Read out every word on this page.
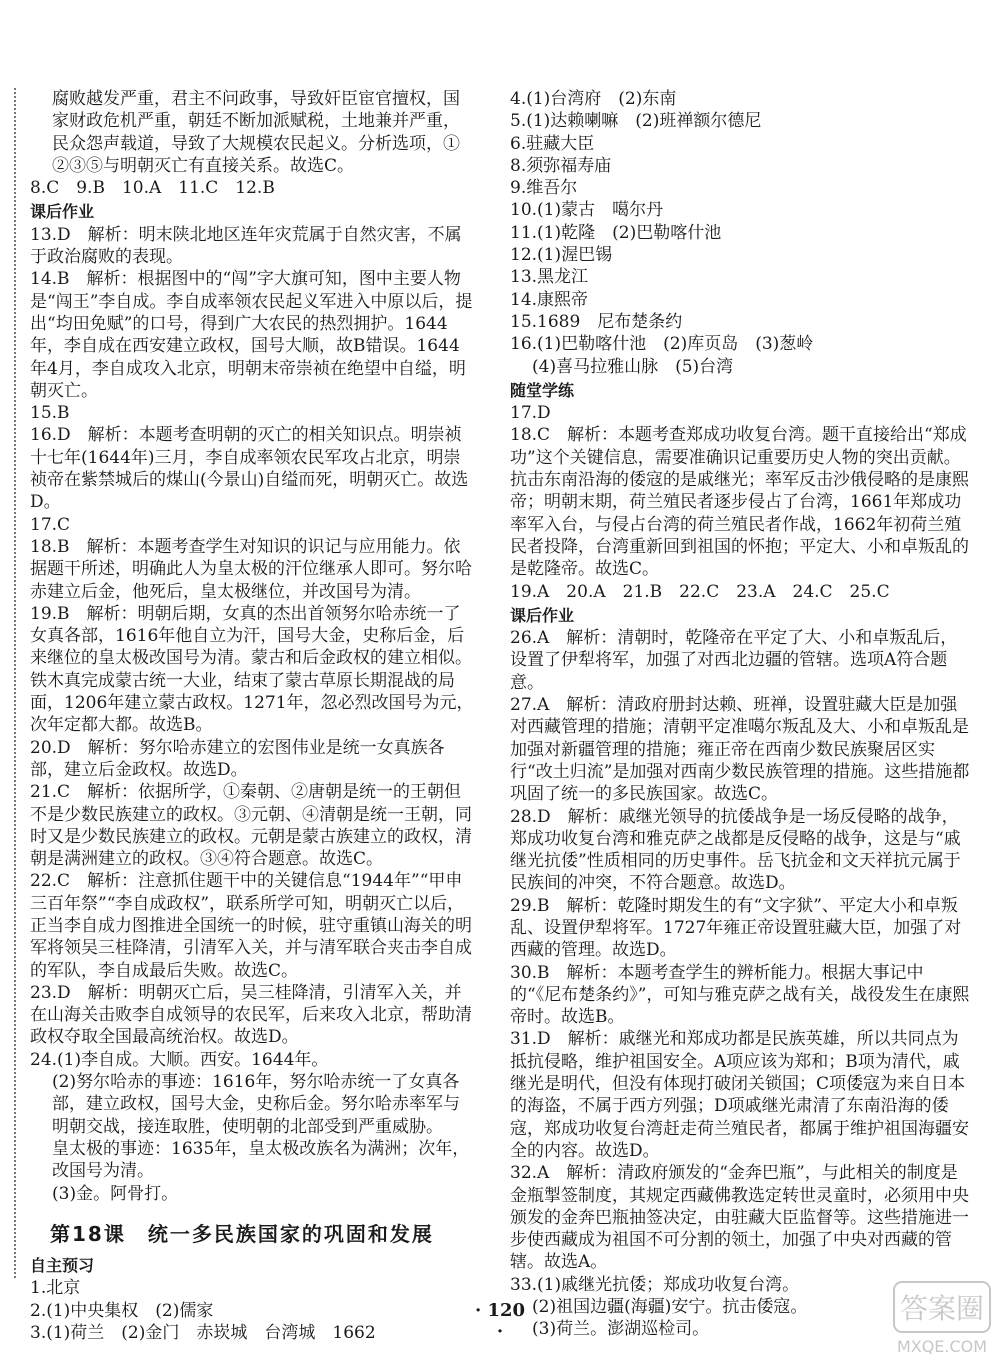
腐败越发严重，君主不问政事，导致奸臣宦官擅权，国家财政危机严重，朝廷不断加派赋税，土地兼并严重，民众怨声载道，导致了大规模农民起义。分析选项，①②③⑤与明朝灭亡有直接关系。故选C。
8.C　9.B　10.A　11.C　12.B
课后作业
13.D　解析：明末陕北地区连年灾荒属于自然灾害，不属于政治腐败的表现。
14.B　解析：根据图中的“闯”字大旗可知，图中主要人物是“闯王”李自成。李自成率领农民起义军进入中原以后，提出“均田免赋”的口号，得到广大农民的热烈拥护。1644年，李自成在西安建立政权，国号大顺，故B错误。1644年4月，李自成攻入北京，明朝末帝崇祯在绝望中自缢，明朝灭亡。
15.B
16.D　解析：本题考查明朝的灭亡的相关知识点。明崇祯十七年(1644年)三月，李自成率领农民军攻占北京，明崇祯帝在紫禁城后的煤山(今景山)自缢而死，明朝灭亡。故选D。
17.C
18.B　解析：本题考查学生对知识的识记与应用能力。依据题干所述，明确此人为皇太极的汗位继承人即可。努尔哈赤建立后金，他死后，皇太极继位，并改国号为清。
19.B　解析：明朝后期，女真的杰出首领努尔哈赤统一了女真各部，1616年他自立为汗，国号大金，史称后金，后来继位的皇太极改国号为清。蒙古和后金政权的建立相似。铁木真完成蒙古统一大业，结束了蒙古草原长期混战的局面，1206年建立蒙古政权。1271年，忽必烈改国号为元，次年定都大都。故选B。
20.D　解析：努尔哈赤建立的宏图伟业是统一女真族各部，建立后金政权。故选D。
21.C　解析：依据所学，①秦朝、②唐朝是统一的王朝但不是少数民族建立的政权。③元朝、④清朝是统一王朝，同时又是少数民族建立的政权。元朝是蒙古族建立的政权，清朝是满洲建立的政权。③④符合题意。故选C。
22.C　解析：注意抓住题干中的关键信息“1944年”“甲申三百年祭”“李自成政权”，联系所学可知，明朝灭亡以后，正当李自成力图推进全国统一的时候，驻守重镇山海关的明军将领吴三桂降清，引清军入关，并与清军联合夹击李自成的军队，李自成最后失败。故选C。
23.D　解析：明朝灭亡后，吴三桂降清，引清军入关，并在山海关击败李自成领导的农民军，后来攻入北京，帮助清政权夺取全国最高统治权。故选D。
24.(1)李自成。大顺。西安。1644年。
(2)努尔哈赤的事迹：1616年，努尔哈赤统一了女真各部，建立政权，国号大金，史称后金。努尔哈赤率军与明朝交战，接连取胜，使明朝的北部受到严重威胁。
皇太极的事迹：1635年，皇太极改族名为满洲；次年，改国号为清。
(3)金。阿骨打。
第18课　统一多民族国家的巩固和发展
自主预习
1.北京
2.(1)中央集权　(2)儒家
3.(1)荷兰　(2)金门　赤崁城　台湾城　1662
4.(1)台湾府　(2)东南
5.(1)达赖喇嘛　(2)班禅额尔德尼
6.驻藏大臣
8.须弥福寿庙
9.维吾尔
10.(1)蒙古　噶尔丹
11.(1)乾隆　(2)巴勒喀什池
12.(1)渥巴锡
13.黑龙江
14.康熙帝
15.1689　尼布楚条约
16.(1)巴勒喀什池　(2)库页岛　(3)葱岭
(4)喜马拉雅山脉　(5)台湾
随堂学练
17.D
18.C　解析：本题考查郑成功收复台湾。题干直接给出“郑成功”这个关键信息，需要准确识记重要历史人物的突出贡献。抗击东南沿海的倭寇的是戚继光；率军反击沙俄侵略的是康熙帝；明朝末期，荷兰殖民者逐步侵占了台湾，1661年郑成功率军入台，与侵占台湾的荷兰殖民者作战，1662年初荷兰殖民者投降，台湾重新回到祖国的怀抱；平定大、小和卓叛乱的是乾隆帝。故选C。
19.A　20.A　21.B　22.C　23.A　24.C　25.C
课后作业
26.A　解析：清朝时，乾隆帝在平定了大、小和卓叛乱后，设置了伊犁将军，加强了对西北边疆的管辖。选项A符合题意。
27.A　解析：清政府册封达赖、班禅，设置驻藏大臣是加强对西藏管理的措施；清朝平定准噶尔叛乱及大、小和卓叛乱是加强对新疆管理的措施；雍正帝在西南少数民族聚居区实行“改土归流”是加强对西南少数民族管理的措施。这些措施都巩固了统一的多民族国家。故选C。
28.D　解析：戚继光领导的抗倭战争是一场反侵略的战争，郑成功收复台湾和雅克萨之战都是反侵略的战争，这是与“戚继光抗倭”性质相同的历史事件。岳飞抗金和文天祥抗元属于民族间的冲突，不符合题意。故选D。
29.B　解析：乾隆时期发生的有“文字狱”、平定大小和卓叛乱、设置伊犁将军。1727年雍正帝设置驻藏大臣，加强了对西藏的管理。故选D。
30.B　解析：本题考查学生的辨析能力。根据大事记中的“《尼布楚条约》”，可知与雅克萨之战有关，战役发生在康熙帝时。故选B。
31.D　解析：戚继光和郑成功都是民族英雄，所以共同点为抵抗侵略，维护祖国安全。A项应该为郑和；B项为清代，戚继光是明代，但没有体现打破闭关锁国；C项倭寇为来自日本的海盗，不属于西方列强；D项戚继光肃清了东南沿海的倭寇，郑成功收复台湾赶走荷兰殖民者，都属于维护祖国海疆安全的内容。故选D。
32.A　解析：清政府颁发的“金奔巴瓶”，与此相关的制度是金瓶掣签制度，其规定西藏佛教选定转世灵童时，必须用中央颁发的金奔巴瓶抽签决定，由驻藏大臣监督等。这些措施进一步使西藏成为祖国不可分割的领土，加强了中央对西藏的管辖。故选A。
33.(1)戚继光抗倭；郑成功收复台湾。
(2)祖国边疆(海疆)安宁。抗击倭寇。
(3)荷兰。澎湖巡检司。
· 120 ·
答案圈
MXQE.COM
